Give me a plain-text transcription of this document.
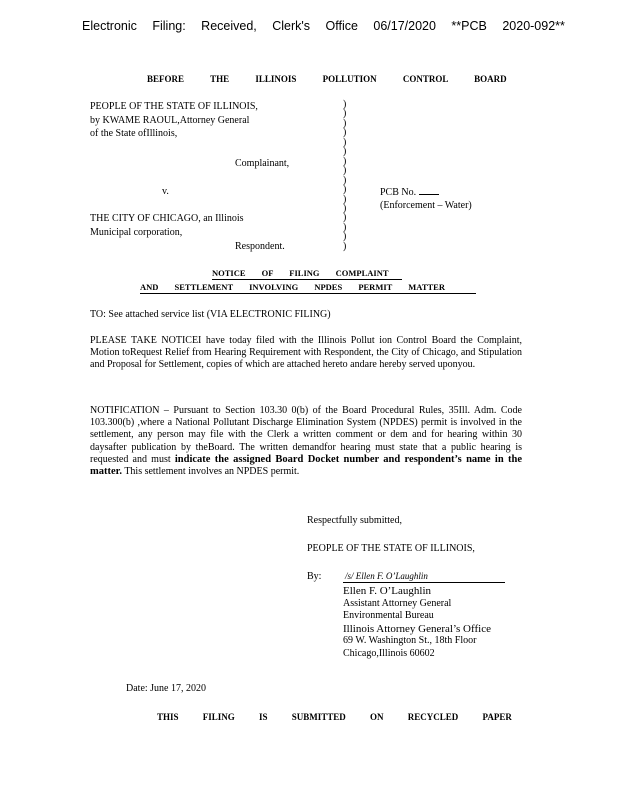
Electronic Filing: Received, Clerk's Office 06/17/2020 **PCB 2020-092**
BEFORE THE ILLINOIS POLLUTION CONTROL BOARD
PEOPLE OF THE STATE OF ILLINOIS,
by KWAME RAOUL,Attorney General
of the State ofIllinois,
Complainant,
v.
THE CITY OF CHICAGO, an Illinois
Municipal corporation,
Respondent.
)
)
)
)
)
)
)
)
)
)
)
)
)
)
)
)
PCB No.
(Enforcement – Water)
NOTICE OF FILING COMPLAINT
AND SETTLEMENT INVOLVING NPDES PERMIT MATTER
TO: See attached service list (VIA ELECTRONIC FILING)
PLEASE TAKE NOTICEI have today filed with the Illinois Pollut ion Control Board the Complaint, Motion toRequest Relief from Hearing Requirement with Respondent, the City of Chicago, and Stipulation and Proposal for Settlement, copies of which are attached hereto andare hereby served uponyou.
NOTIFICATION – Pursuant to Section 103.30 0(b) of the Board Procedural Rules, 35Ill. Adm. Code 103.300(b) ,where a National Pollutant Discharge Elimination System (NPDES) permit is involved in the settlement, any person may file with the Clerk a written comment or dem and for hearing within 30 daysafter publication by theBoard. The written demandfor hearing must state that a public hearing is requested and must indicate the assigned Board Docket number and respondent’s name in the matter. This settlement involves an NPDES permit.
Respectfully submitted,
PEOPLE OF THE STATE OF ILLINOIS,
By:	/s/ Ellen F. O’Laughlin
Ellen F. O’Laughlin
Assistant Attorney General
Environmental Bureau
Illinois Attorney General’s Office
69 W. Washington St., 18th Floor
Chicago,Illinois 60602
Date: June 17, 2020
THIS FILING IS SUBMITTED ON RECYCLED PAPER
